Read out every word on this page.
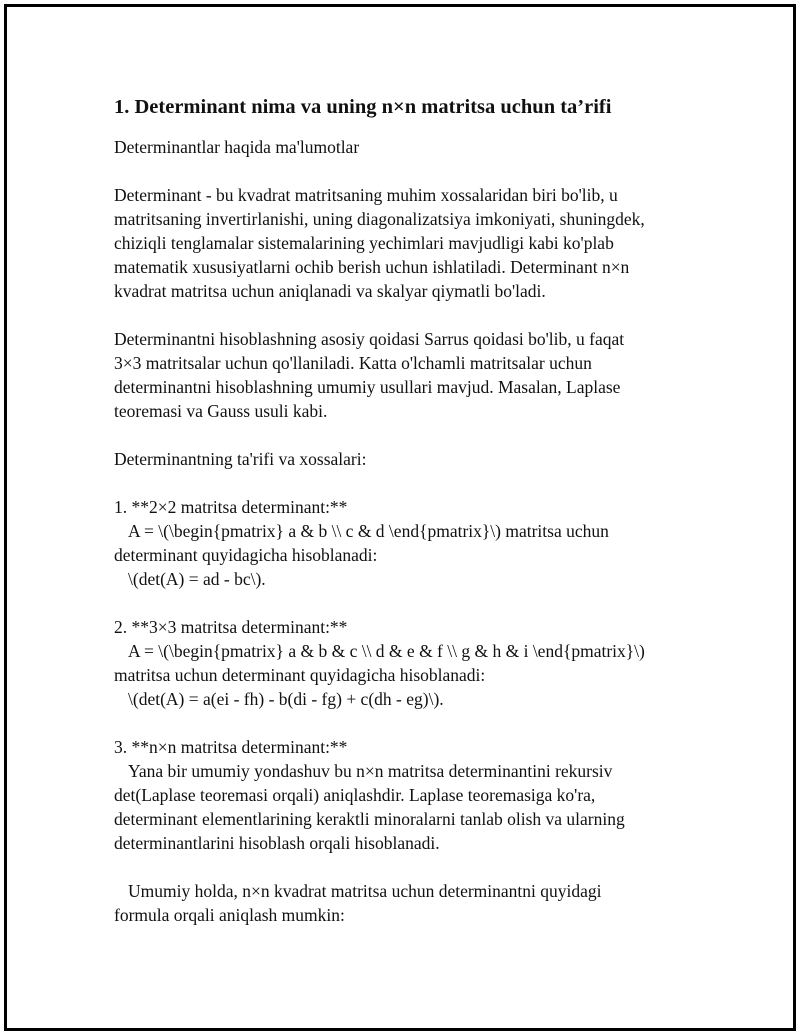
1. Determinant nima va uning n×n matritsa uchun ta’rifi

Determinantlar haqida ma'lumotlar

Determinant - bu kvadrat matritsaning muhim xossalaridan biri bo'lib, u

matritsaning invertirlanishi, uning diagonalizatsiya imkoniyati, shuningdek,

chiziqli tenglamalar sistemalarining yechimlari mavjudligi kabi ko'plab

matematik xususiyatlarni ochib berish uchun ishlatiladi. Determinant n×n

kvadrat matritsa uchun aniqlanadi va skalyar qiymatli bo'ladi.

Determinantni hisoblashning asosiy qoidasi Sarrus qoidasi bo'lib, u faqat

3×3 matritsalar uchun qo'llaniladi. Katta o'lchamli matritsalar uchun

determinantni hisoblashning umumiy usullari mavjud. Masalan, Laplase

teoremasi va Gauss usuli kabi.

Determinantning ta'rifi va xossalari:

1. **2×2 matritsa determinant:**

A = \(\begin{pmatrix} a & b \\ c & d \end{pmatrix}\) matritsa uchun

determinant quyidagicha hisoblanadi:

\(det(A) = ad - bc\).

2. **3×3 matritsa determinant:**

A = \(\begin{pmatrix} a & b & c \\ d & e & f \\ g & h & i \end{pmatrix}\)

matritsa uchun determinant quyidagicha hisoblanadi:

\(det(A) = a(ei - fh) - b(di - fg) + c(dh - eg)\).

3. **n×n matritsa determinant:**

Yana bir umumiy yondashuv bu n×n matritsa determinantini rekursiv

det(Laplase teoremasi orqali) aniqlashdir. Laplase teoremasiga ko'ra,

determinant elementlarining keraktli minoralarni tanlab olish va ularning

determinantlarini hisoblash orqali hisoblanadi.

Umumiy holda, n×n kvadrat matritsa uchun determinantni quyidagi

formula orqali aniqlash mumkin:
